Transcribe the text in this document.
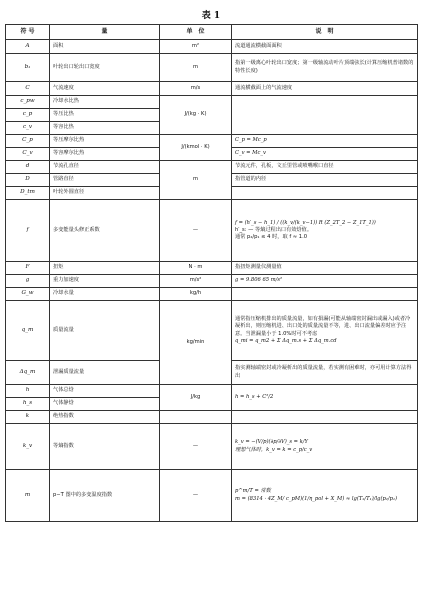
表 1
符 号	量	单　位	说　明
A	面积	m²	流道通流横截面面积
b₁	叶轮出口轮出口宽度	m	指第一级离心叶轮出口宽度；第一级轴流动叶片顶端弦长(计算压缩机普诸数的特性长度)
C	气流速度	m/s	通流横截面上的气流速度
c_pw	冷却水比热	J/(kg · K)	
c_p	等压比热		
c_v	等容比热		
C_p	等压摩尔比热	J/(kmol · K)	C_p = Mc_p
C_v	等容摩尔比热		C_v = Mc_v
d	节流孔直径	m	节流元件，孔板，文丘里管或喷嘴喉口直径
D	管路直径		指管道的内径
D_tm	叶轮外圆直径		
f	多变能量头修正系数	—	f = (h′_s − h_1) / ((k_v/(k_v−1)) R (Z_2T_2 − Z_1T_1))
h′_s: — 等熵过程出口有效焓值。
通常 p₂/p₁ ≤ 4 时，取 f ≈ 1.0

F	扭矩	N · m	指扭矩测量仪测量值
g	重力加速度	m/s²	g = 9.806 65 m/s²
G_w	冷却水量	kg/h	
q_m	质量流量	kg/min	通常指压缩机排出的质量流量，如有損漏(可能从轴端密封漏出或漏入)或者冷凝析出，则压缩机进、出口处的质量流量不等，进、出口流量偏差时应予注意。当泄漏量小于 1.0%时可不考虑
q_mi = q_m2 + Σ Δq_m.s + Σ Δq_m.cd

Δq_m	泄漏质量流量		指实测轴端密封或冷凝析出的质量流量，若实测有困难时，亦可用计算方法得出
h	气体总焓	J/kg	h = h_s + C²/2
h_s	气体静焓		
k	绝热指数		
k_v	等熵指数	—	k_v = −(V/p)(∂p/∂V)_s = k/Y
理想气体时，k_v = k = c_p/c_v

m	p−T 图中的多变温度指数	—	p^m/T = 常数
m = (8314 · 4Z_M/ c_pM)(1/η_pol + X_M) ≈ lg(T₂/T₁)/lg(p₂/p₁)
